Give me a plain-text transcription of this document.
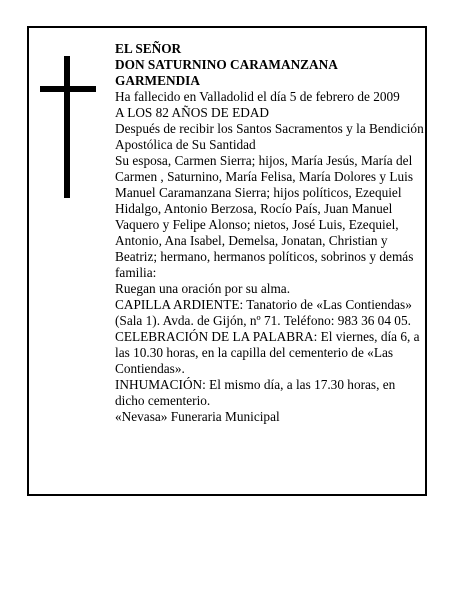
EL SEÑOR

DON SATURNINO CARAMANZANA

GARMENDIA

Ha fallecido en Valladolid el día 5 de febrero de 2009

A LOS 82 AÑOS DE EDAD

Después de recibir los Santos Sacramentos y la Bendición Apostólica de Su Santidad

Su esposa, Carmen Sierra; hijos, María Jesús, María del Carmen , Saturnino, María Felisa, María Dolores y Luis Manuel Caramanzana Sierra; hijos políticos, Ezequiel Hidalgo, Antonio Berzosa, Rocío País, Juan Manuel Vaquero y Felipe Alonso; nietos, José Luis, Ezequiel, Antonio, Ana Isabel, Demelsa, Jonatan, Christian y Beatriz; hermano, hermanos políticos, sobrinos y demás familia:

Ruegan una oración por su alma.

CAPILLA ARDIENTE: Tanatorio de «Las Contiendas» (Sala 1). Avda. de Gijón, nº 71. Teléfono: 983 36 04 05.

CELEBRACIÓN DE LA PALABRA: El viernes, día 6, a las 10.30 horas, en la capilla del cementerio de «Las Contiendas».

INHUMACIÓN: El mismo día, a las 17.30 horas, en dicho cementerio.

«Nevasa» Funeraria Municipal
